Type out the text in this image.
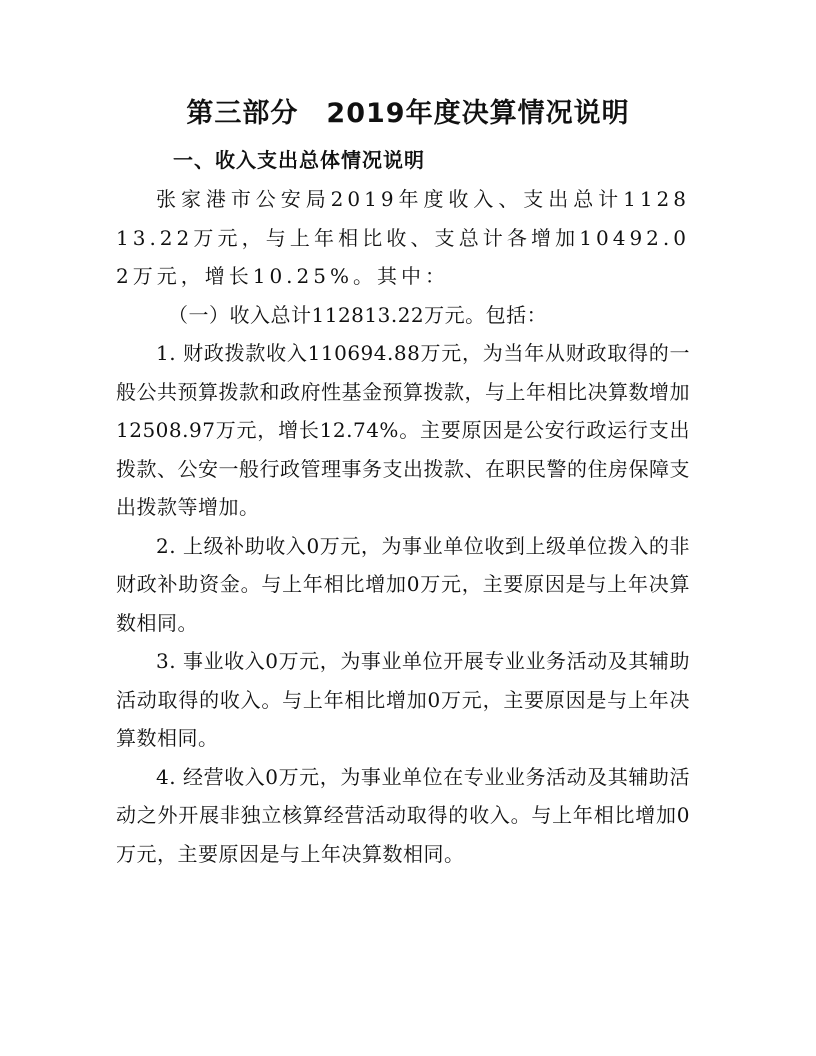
第三部分　2019年度决算情况说明
一、收入支出总体情况说明

张家港市公安局2019年度收入、支出总计112813.22万元，与上年相比收、支总计各增加10492.02万元，增长10.25%。其中：

（一）收入总计112813.22万元。包括：

1. 财政拨款收入110694.88万元，为当年从财政取得的一般公共预算拨款和政府性基金预算拨款，与上年相比决算数增加12508.97万元，增长12.74%。主要原因是公安行政运行支出拨款、公安一般行政管理事务支出拨款、在职民警的住房保障支出拨款等增加。

2. 上级补助收入0万元，为事业单位收到上级单位拨入的非财政补助资金。与上年相比增加0万元，主要原因是与上年决算数相同。

3. 事业收入0万元，为事业单位开展专业业务活动及其辅助活动取得的收入。与上年相比增加0万元，主要原因是与上年决算数相同。

4. 经营收入0万元，为事业单位在专业业务活动及其辅助活动之外开展非独立核算经营活动取得的收入。与上年相比增加0万元，主要原因是与上年决算数相同。
